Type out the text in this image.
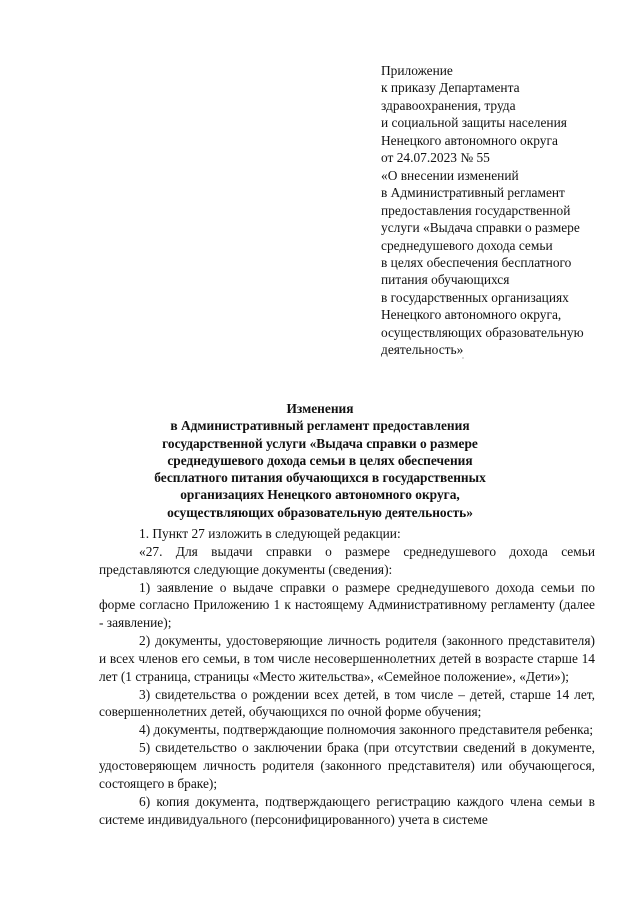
Приложение
к приказу Департамента
здравоохранения, труда
и социальной защиты населения
Ненецкого автономного округа
от 24.07.2023 № 55
«О внесении изменений
в Административный регламент
предоставления государственной
услуги «Выдача справки о размере
среднедушевого дохода семьи
в целях обеспечения бесплатного
питания обучающихся
в государственных организациях
Ненецкого автономного округа,
осуществляющих образовательную
деятельность»
Изменения
в Административный регламент предоставления
государственной услуги «Выдача справки о размере
среднедушевого дохода семьи в целях обеспечения
бесплатного питания обучающихся в государственных
организациях Ненецкого автономного округа,
осуществляющих образовательную деятельность»

1. Пункт 27 изложить в следующей редакции:

«27. Для выдачи справки о размере среднедушевого дохода семьи представляются следующие документы (сведения):

1) заявление о выдаче справки о размере среднедушевого дохода семьи по форме согласно Приложению 1 к настоящему Административному регламенту (далее - заявление);

2) документы, удостоверяющие личность родителя (законного представителя) и всех членов его семьи, в том числе несовершеннолетних детей в возрасте старше 14 лет (1 страница, страницы «Место жительства», «Семейное положение», «Дети»);

3) свидетельства о рождении всех детей, в том числе – детей, старше 14 лет, совершеннолетних детей, обучающихся по очной форме обучения;

4) документы, подтверждающие полномочия законного представителя ребенка;

5) свидетельство о заключении брака (при отсутствии сведений в документе, удостоверяющем личность родителя (законного представителя) или обучающегося, состоящего в браке);

6) копия документа, подтверждающего регистрацию каждого члена семьи в системе индивидуального (персонифицированного) учета в системе
